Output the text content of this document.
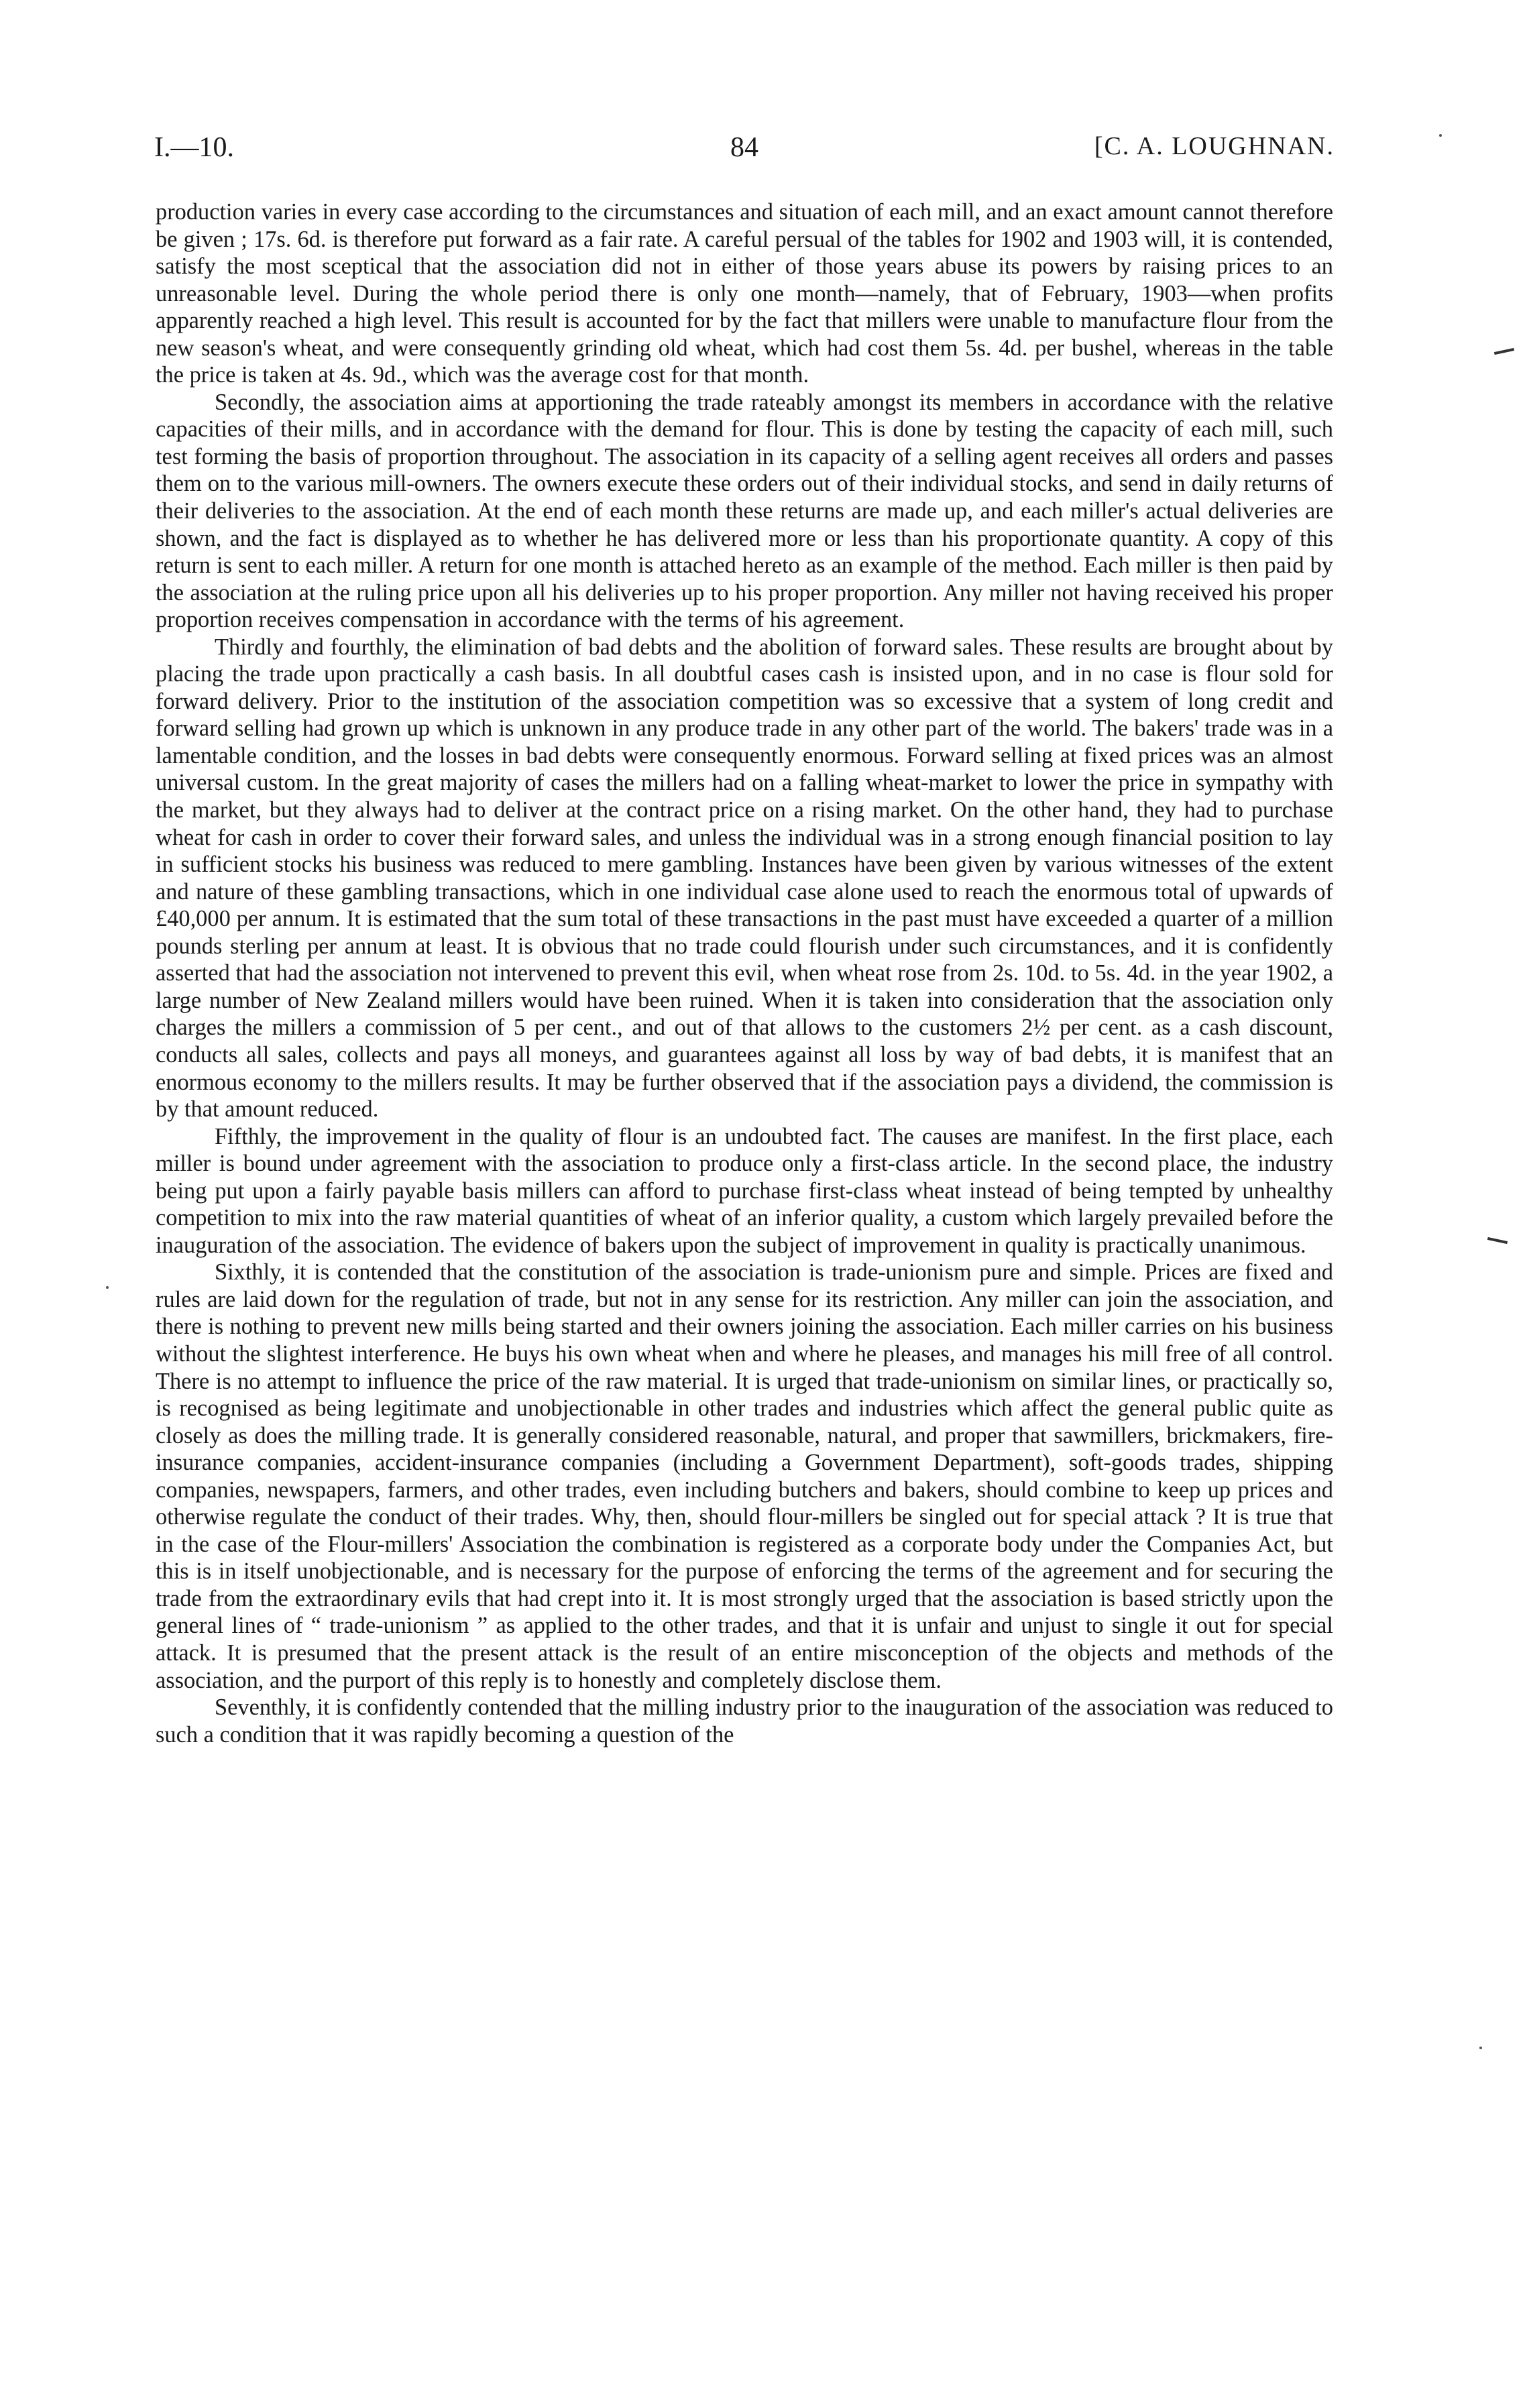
I.—10.	84	[C. A. LOUGHNAN.

production varies in every case according to the circumstances and situation of each mill, and an exact amount cannot therefore be given ; 17s. 6d. is therefore put forward as a fair rate. A careful persual of the tables for 1902 and 1903 will, it is contended, satisfy the most sceptical that the association did not in either of those years abuse its powers by raising prices to an unreasonable level. During the whole period there is only one month—namely, that of February, 1903—when profits apparently reached a high level. This result is accounted for by the fact that millers were unable to manufacture flour from the new season's wheat, and were consequently grinding old wheat, which had cost them 5s. 4d. per bushel, whereas in the table the price is taken at 4s. 9d., which was the average cost for that month.

Secondly, the association aims at apportioning the trade rateably amongst its members in accordance with the relative capacities of their mills, and in accordance with the demand for flour. This is done by testing the capacity of each mill, such test forming the basis of proportion throughout. The association in its capacity of a selling agent receives all orders and passes them on to the various mill-owners. The owners execute these orders out of their individual stocks, and send in daily returns of their deliveries to the association. At the end of each month these returns are made up, and each miller's actual deliveries are shown, and the fact is displayed as to whether he has delivered more or less than his proportionate quantity. A copy of this return is sent to each miller. A return for one month is attached hereto as an example of the method. Each miller is then paid by the association at the ruling price upon all his deliveries up to his proper proportion. Any miller not having received his proper proportion receives compensation in accordance with the terms of his agreement.

Thirdly and fourthly, the elimination of bad debts and the abolition of forward sales. These results are brought about by placing the trade upon practically a cash basis. In all doubtful cases cash is insisted upon, and in no case is flour sold for forward delivery. Prior to the institution of the association competition was so excessive that a system of long credit and forward selling had grown up which is unknown in any produce trade in any other part of the world. The bakers' trade was in a lamentable condition, and the losses in bad debts were consequently enormous. Forward selling at fixed prices was an almost universal custom. In the great majority of cases the millers had on a falling wheat-market to lower the price in sympathy with the market, but they always had to deliver at the contract price on a rising market. On the other hand, they had to purchase wheat for cash in order to cover their forward sales, and unless the individual was in a strong enough financial position to lay in sufficient stocks his business was reduced to mere gambling. Instances have been given by various witnesses of the extent and nature of these gambling transactions, which in one individual case alone used to reach the enormous total of upwards of £40,000 per annum. It is estimated that the sum total of these transactions in the past must have exceeded a quarter of a million pounds sterling per annum at least. It is obvious that no trade could flourish under such circumstances, and it is confidently asserted that had the association not intervened to prevent this evil, when wheat rose from 2s. 10d. to 5s. 4d. in the year 1902, a large number of New Zealand millers would have been ruined. When it is taken into consideration that the association only charges the millers a commission of 5 per cent., and out of that allows to the customers 2½ per cent. as a cash discount, conducts all sales, collects and pays all moneys, and guarantees against all loss by way of bad debts, it is manifest that an enormous economy to the millers results. It may be further observed that if the association pays a dividend, the commission is by that amount reduced.

Fifthly, the improvement in the quality of flour is an undoubted fact. The causes are manifest. In the first place, each miller is bound under agreement with the association to produce only a first-class article. In the second place, the industry being put upon a fairly payable basis millers can afford to purchase first-class wheat instead of being tempted by unhealthy competition to mix into the raw material quantities of wheat of an inferior quality, a custom which largely prevailed before the inauguration of the association. The evidence of bakers upon the subject of improvement in quality is practically unanimous.

Sixthly, it is contended that the constitution of the association is trade-unionism pure and simple. Prices are fixed and rules are laid down for the regulation of trade, but not in any sense for its restriction. Any miller can join the association, and there is nothing to prevent new mills being started and their owners joining the association. Each miller carries on his business without the slightest interference. He buys his own wheat when and where he pleases, and manages his mill free of all control. There is no attempt to influence the price of the raw material. It is urged that trade-unionism on similar lines, or practically so, is recognised as being legitimate and unobjectionable in other trades and industries which affect the general public quite as closely as does the milling trade. It is generally considered reasonable, natural, and proper that sawmillers, brickmakers, fire-insurance companies, accident-insurance companies (including a Government Department), soft-goods trades, shipping companies, newspapers, farmers, and other trades, even including butchers and bakers, should combine to keep up prices and otherwise regulate the conduct of their trades. Why, then, should flour-millers be singled out for special attack ? It is true that in the case of the Flour-millers' Association the combination is registered as a corporate body under the Companies Act, but this is in itself unobjectionable, and is necessary for the purpose of enforcing the terms of the agreement and for securing the trade from the extraordinary evils that had crept into it. It is most strongly urged that the association is based strictly upon the general lines of “ trade-unionism ” as applied to the other trades, and that it is unfair and unjust to single it out for special attack. It is presumed that the present attack is the result of an entire misconception of the objects and methods of the association, and the purport of this reply is to honestly and completely disclose them.

Seventhly, it is confidently contended that the milling industry prior to the inauguration of the association was reduced to such a condition that it was rapidly becoming a question of the
